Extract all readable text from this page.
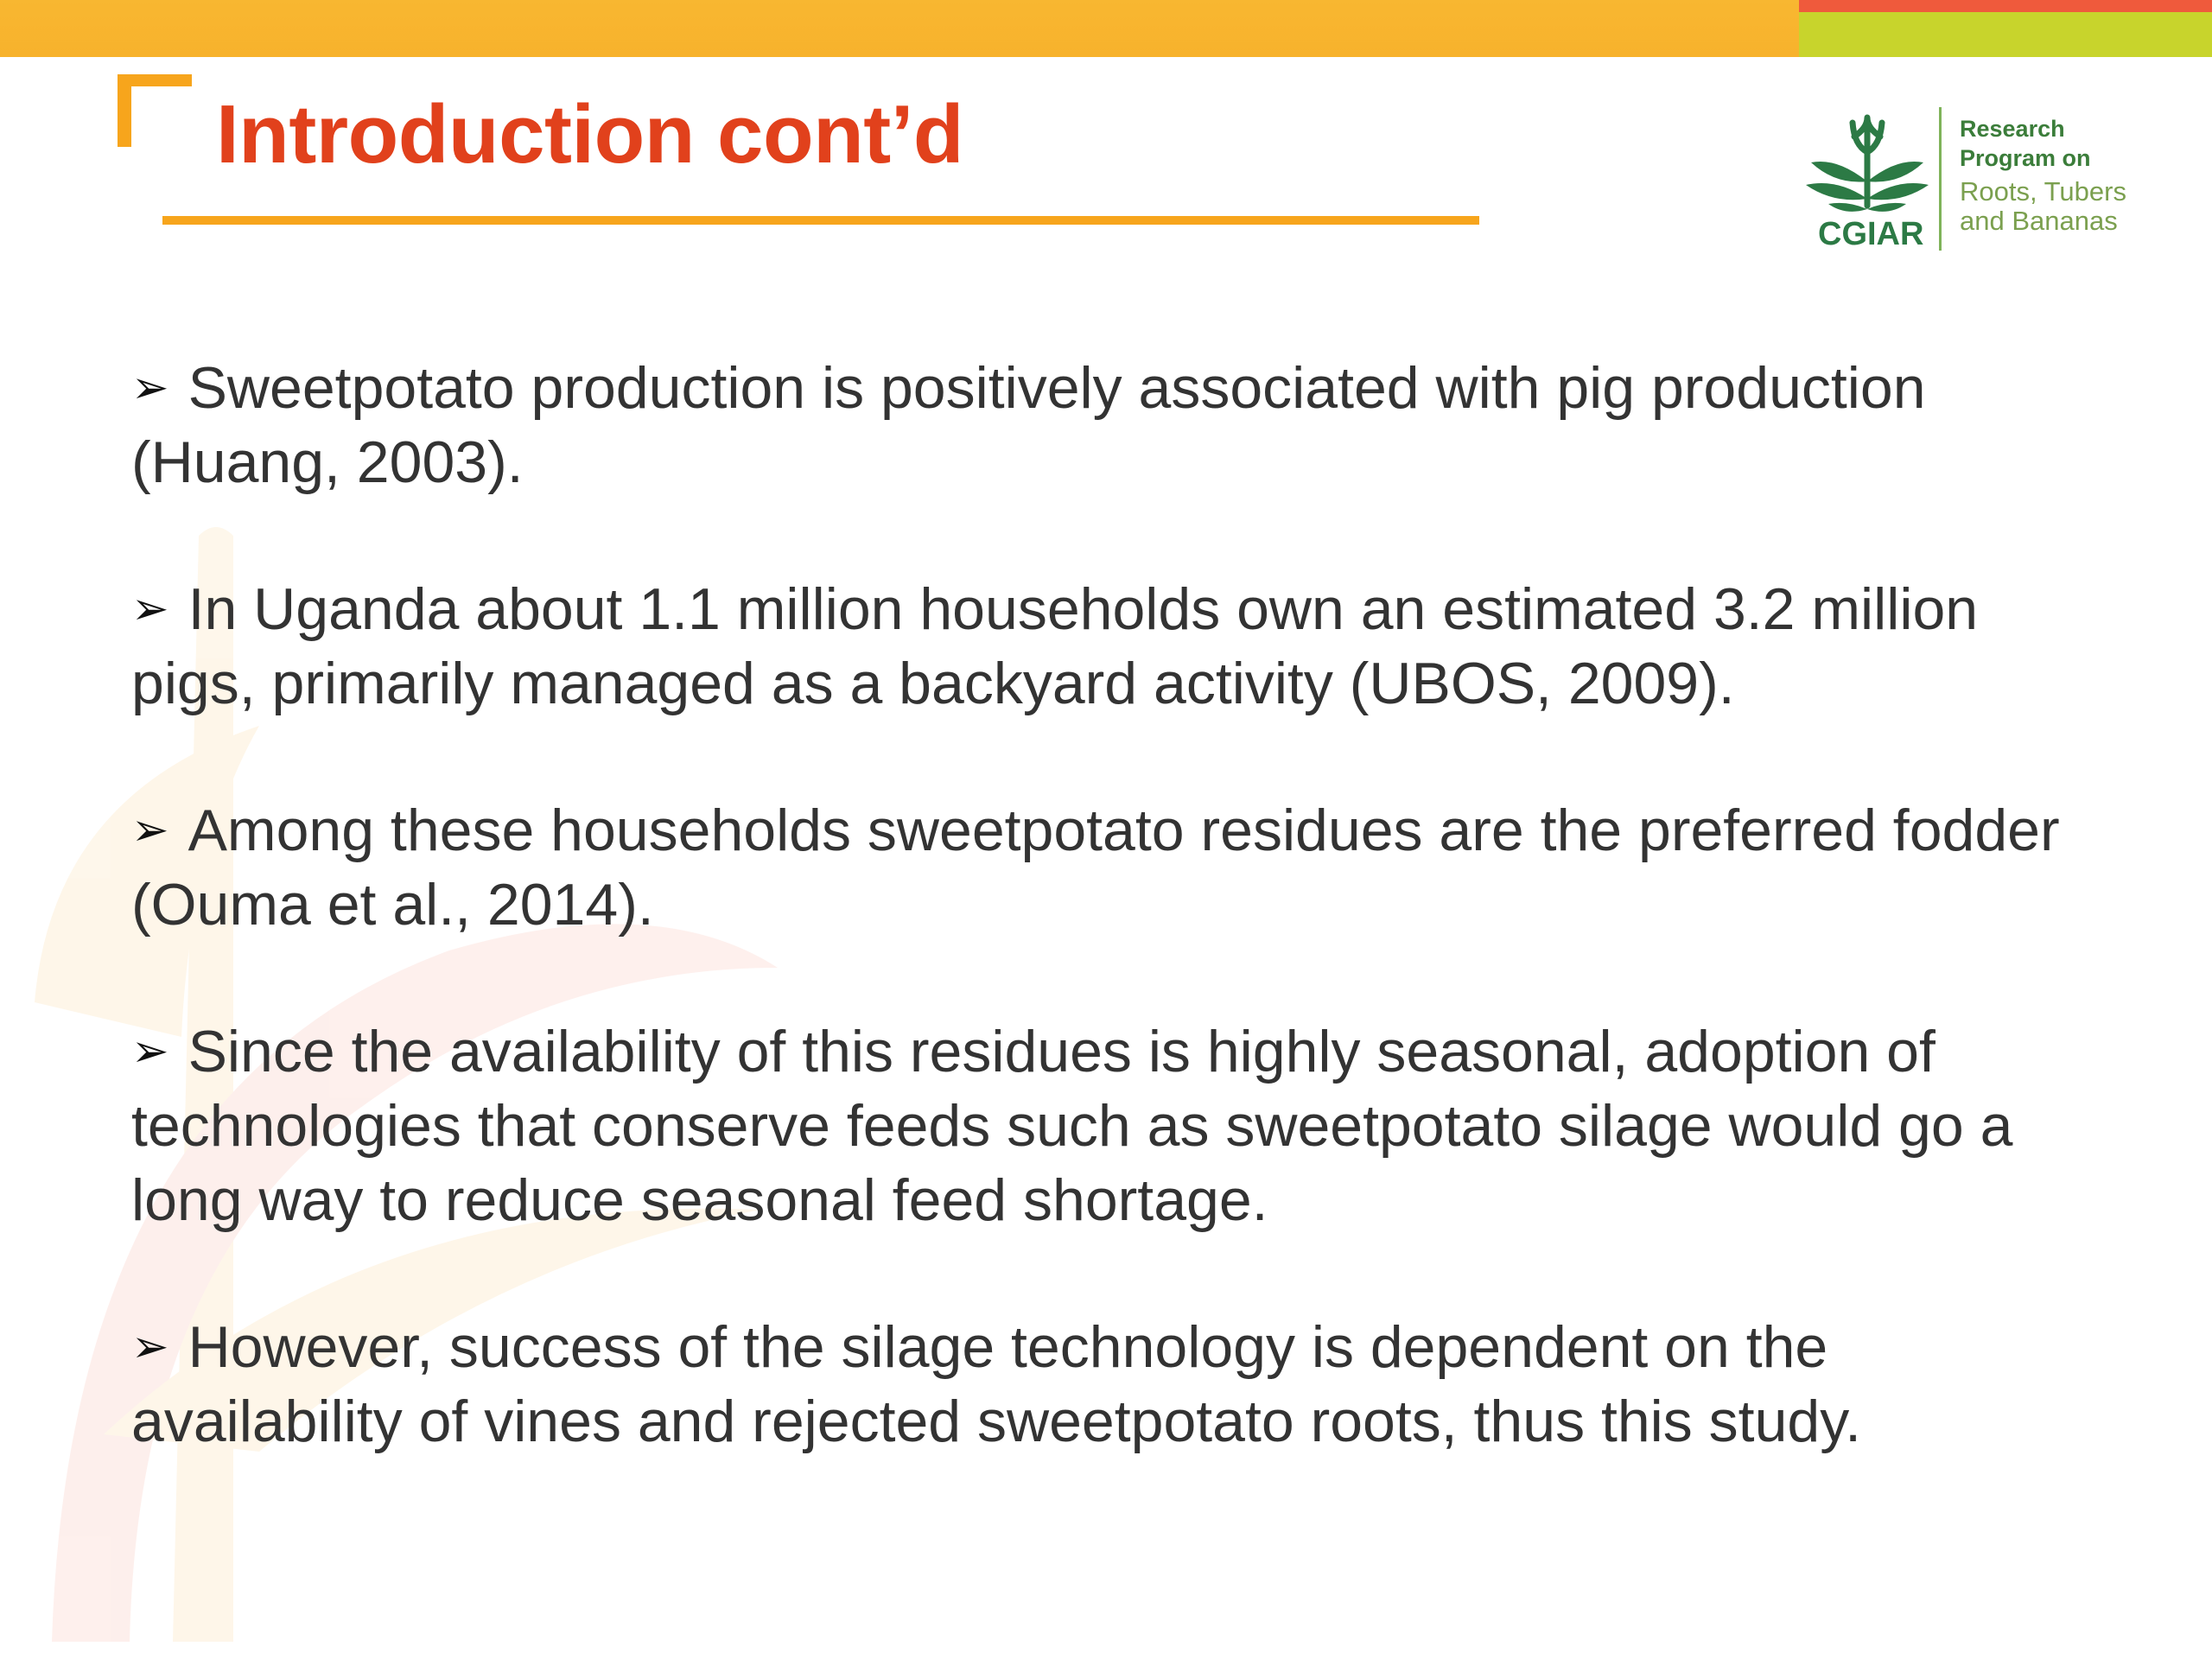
Introduction cont’d
CGIAR
Research
Program on
Roots, Tubers
and Bananas
➢ Sweetpotato production is positively associated with pig production (Huang, 2003).
➢ In Uganda about 1.1 million households own an estimated 3.2 million pigs, primarily managed as a backyard activity (UBOS, 2009).
➢ Among these households sweetpotato residues are the preferred fodder (Ouma et al., 2014).
➢ Since the availability of this residues is highly seasonal, adoption of technologies that conserve feeds such as sweetpotato silage would go a long way to reduce seasonal feed shortage.
➢ However, success of the silage technology is dependent on the availability of vines and rejected sweetpotato roots, thus this study.
